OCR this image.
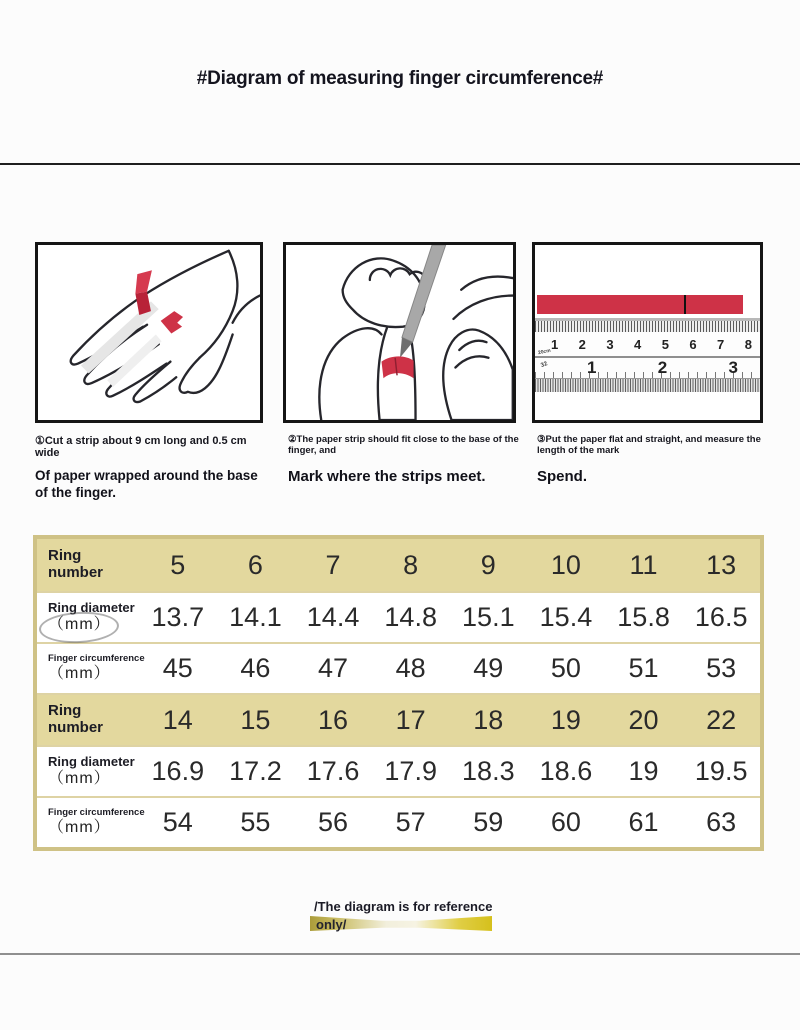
#Diagram of measuring finger circumference#
20cm
1 2 3 4 5 6 7 8
32 1	2	3
①Cut a strip about 9 cm long and 0.5 cm wide
Of paper wrapped around the base of the finger.
②The paper strip should fit close to the base of the finger, and
Mark where the strips meet.
③Put the paper flat and straight, and measure the length of the mark
Spend.
Ring number	5	6	7	8	9	10	11	13
Ring diameter
（mm）	13.7 14.1 14.4 14.8 15.1 15.4 15.8 16.5
Finger circumference
（mm）	45	46	47	48	49	50	51	53
Ring number	14	15	16	17	18	19	20	22
Ring diameter
（mm）	16.9 17.2 17.6 17.9 18.3 18.6	19	19.5
Finger circumference
（mm）	54	55	56	57	59	60	61	63
/The diagram is for reference
only/
